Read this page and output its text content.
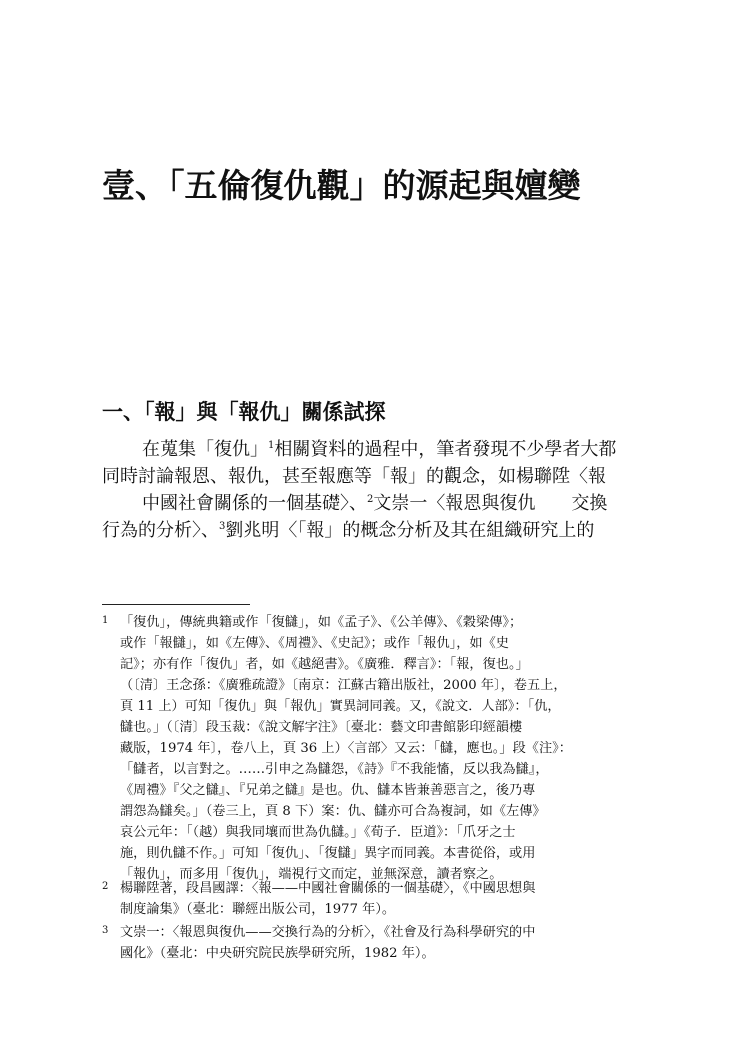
壹、「五倫復仇觀」的源起與嬗變
一、「報」與「報仇」關係試探
在蒐集「復仇」$^1$相關資料的過程中，筆者發現不少學者大都
同時討論報恩、報仇，甚至報應等「報」的觀念，如楊聯陞〈報
中國社會關係的一個基礎〉、$^2$文崇一〈報恩與復仇　　交換
行為的分析〉、$^3$劉兆明〈「報」的概念分析及其在組織研究上的
1 「復仇」，傳統典籍或作「復讎」，如《孟子》、《公羊傳》、《穀梁傳》；
或作「報讎」，如《左傳》、《周禮》、《史記》；或作「報仇」，如《史
記》；亦有作「復仇」者，如《越絕書》。《廣雅．釋言》：「報，復也。」
（〔清〕王念孫：《廣雅疏證》〔南京：江蘇古籍出版社，2000 年〕，卷五上，
頁 11 上）可知「復仇」與「報仇」實異詞同義。又，《說文．人部》：「仇，
讎也。」（〔清〕段玉裁：《說文解字注》〔臺北：藝文印書館影印經韻樓
藏版，1974 年〕，卷八上，頁 36 上）〈言部〉又云：「讎，應也。」段《注》：
「讎者，以言對之。……引申之為讎怨，《詩》『不我能慉，反以我為讎』，
《周禮》『父之讎』、『兄弟之讎』是也。仇、讎本皆兼善惡言之，後乃專
謂怨為讎矣。」（卷三上，頁 8 下）案：仇、讎亦可合為複詞，如《左傳》
哀公元年：「（越）與我同壤而世為仇讎。」《荀子．臣道》：「爪牙之士
施，則仇讎不作。」可知「復仇」、「復讎」異字而同義。本書從俗，或用
「報仇」，而多用「復仇」，端視行文而定，並無深意，讀者察之。
2 楊聯陞著，段昌國譯：〈報——中國社會關係的一個基礎〉，《中國思想與
制度論集》（臺北：聯經出版公司，1977 年）。
3 文崇一：〈報恩與復仇——交換行為的分析〉，《社會及行為科學研究的中
國化》（臺北：中央研究院民族學研究所，1982 年）。
